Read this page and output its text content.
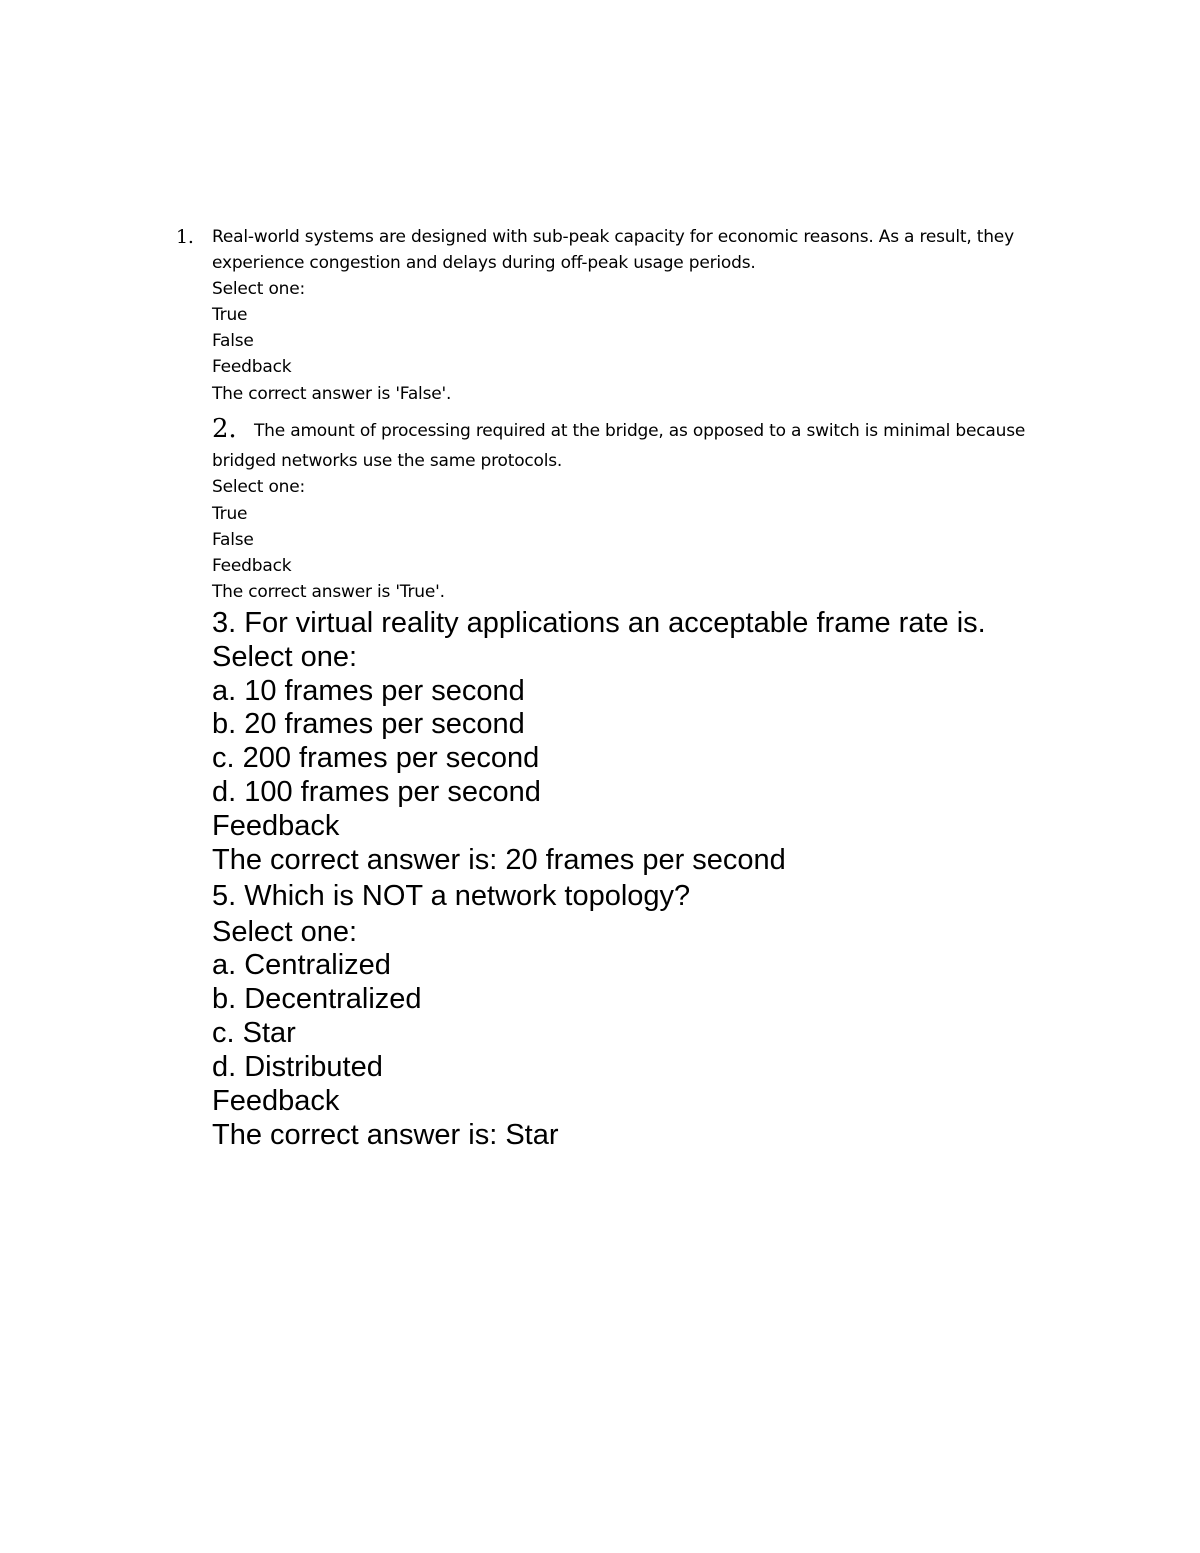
1. Real-world systems are designed with sub-peak capacity for economic reasons. As a result, they
experience congestion and delays during off-peak usage periods.
Select one:
True
False
Feedback
The correct answer is 'False'.
2. The amount of processing required at the bridge, as opposed to a switch is minimal because
bridged networks use the same protocols.
Select one:
True
False
Feedback
The correct answer is 'True'.
3. For virtual reality applications an acceptable frame rate is.
Select one:
a. 10 frames per second
b. 20 frames per second
c. 200 frames per second
d. 100 frames per second
Feedback
The correct answer is: 20 frames per second
5. Which is NOT a network topology?
Select one:
a. Centralized
b. Decentralized
c. Star
d. Distributed
Feedback
The correct answer is: Star
